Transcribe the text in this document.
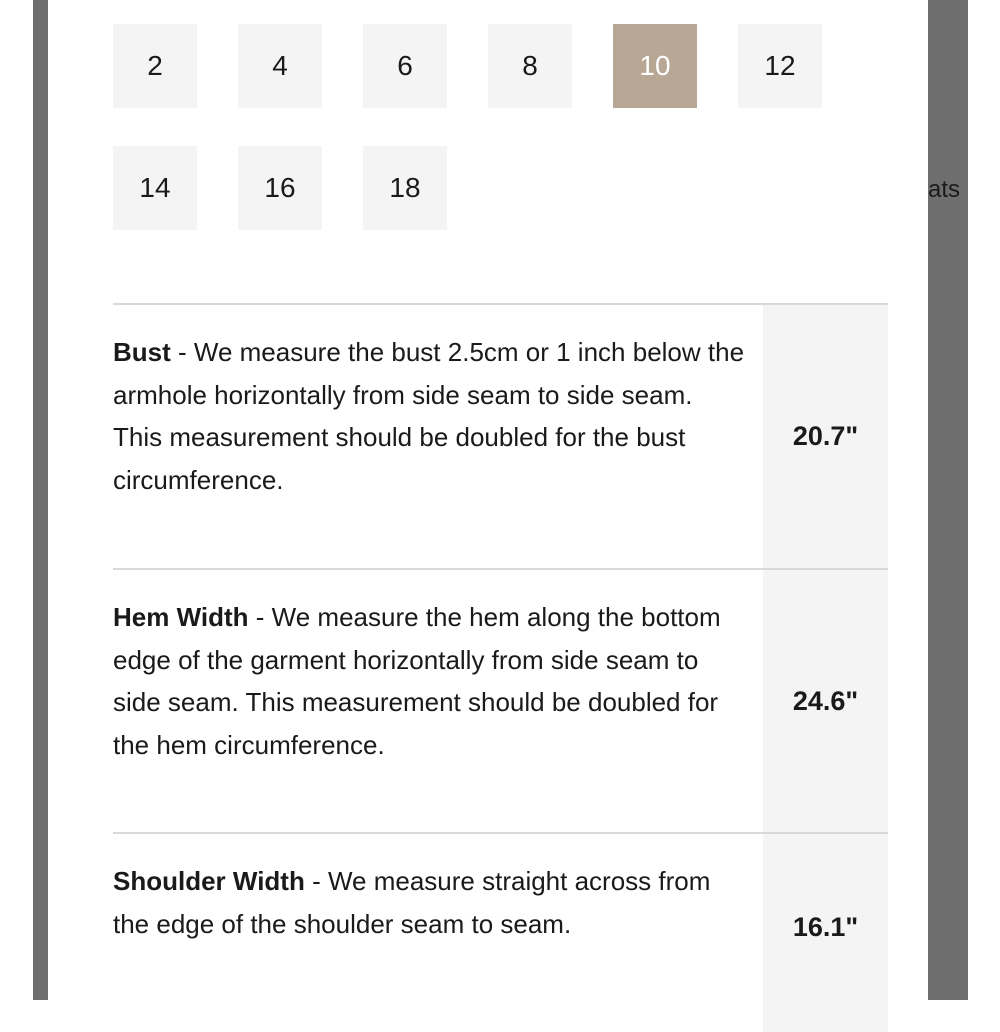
ats
2	4	6	8	10	12
14	16	18
Bust - We measure the bust 2.5cm or 1 inch below the armhole horizontally from side seam to side seam. This measurement should be doubled for the bust circumference.
20.7"
Hem Width - We measure the hem along the bottom edge of the garment horizontally from side seam to side seam. This measurement should be doubled for the hem circumference.
24.6"
Shoulder Width - We measure straight across from the edge of the shoulder seam to seam.	16.1"
